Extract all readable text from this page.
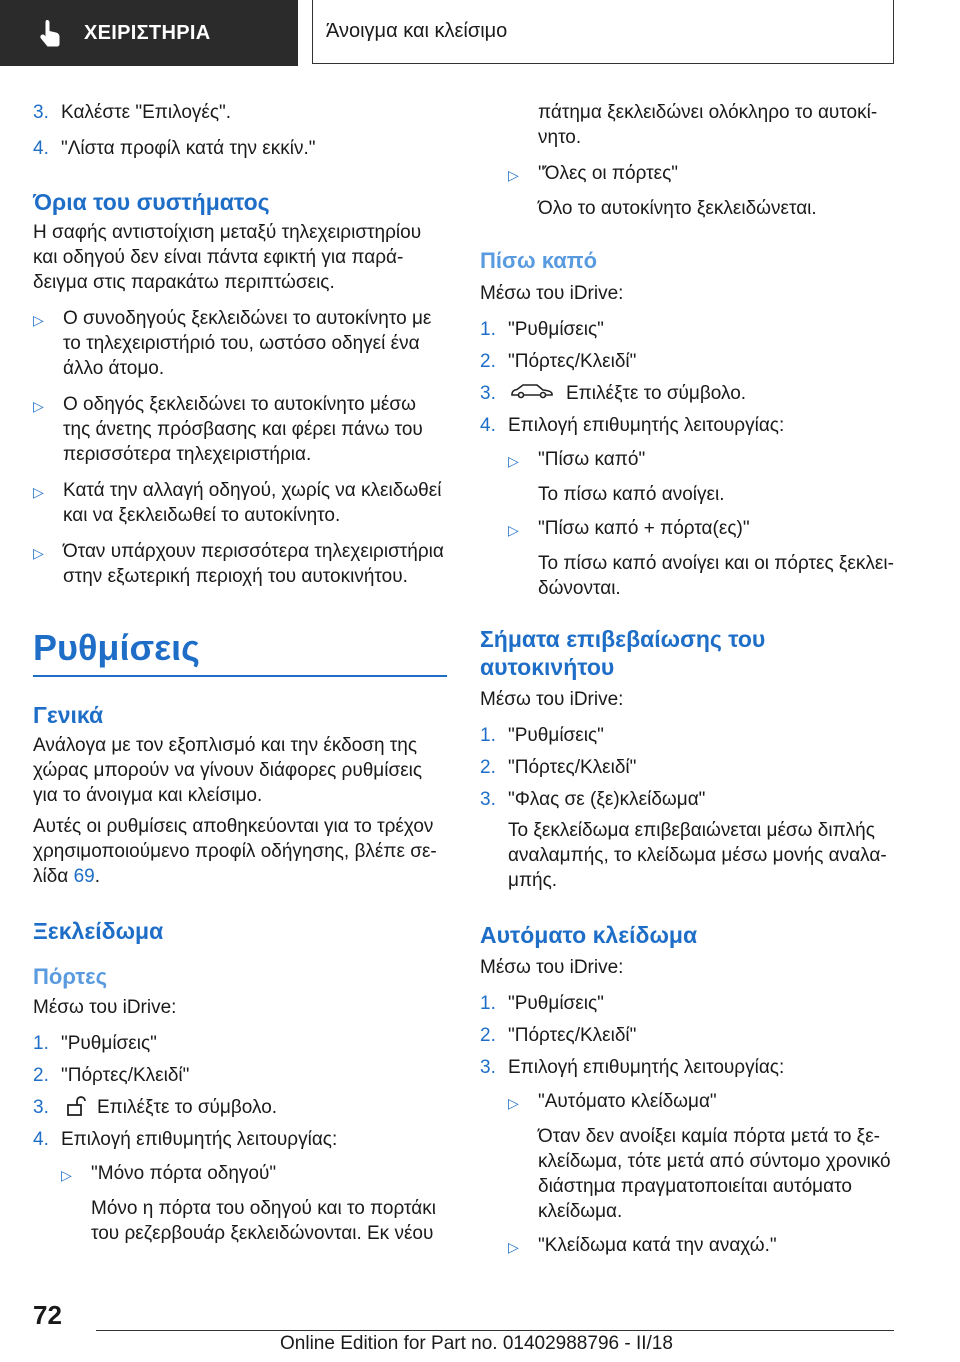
ΧΕΙΡΙΣΤΗΡΙΑ	Άνοιγμα και κλείσιμο
3. Καλέστε "Επιλογές".
4. "Λίστα προφίλ κατά την εκκίν."
Όρια του συστήματος

Η σαφής αντιστοίχιση μεταξύ τηλεχειριστηρίου και οδηγού δεν είναι πάντα εφικτή για παρά-δειγμα στις παρακάτω περιπτώσεις.

▷	Ο συνοδηγούς ξεκλειδώνει το αυτοκίνητο με το τηλεχειριστήριό του, ωστόσο οδηγεί ένα άλλο άτομο.
▷	Ο οδηγός ξεκλειδώνει το αυτοκίνητο μέσω της άνετης πρόσβασης και φέρει πάνω του περισσότερα τηλεχειριστήρια.
▷	Κατά την αλλαγή οδηγού, χωρίς να κλειδωθεί και να ξεκλειδωθεί το αυτοκίνητο.
▷	Όταν υπάρχουν περισσότερα τηλεχειριστήρια στην εξωτερική περιοχή του αυτοκινήτου.
Ρυθμίσεις
Γενικά

Ανάλογα με τον εξοπλισμό και την έκδοση της χώρας μπορούν να γίνουν διάφορες ρυθμίσεις για το άνοιγμα και κλείσιμο.

Αυτές οι ρυθμίσεις αποθηκεύονται για το τρέχον χρησιμοποιούμενο προφίλ οδήγησης, βλέπε σε-λίδα 69.

Ξεκλείδωμα
Πόρτες

Μέσω του iDrive:

1. "Ρυθμίσεις"
2. "Πόρτες/Κλειδί"
3.	Επιλέξτε το σύμβολο.
4. Επιλογή επιθυμητής λειτουργίας:
▷	"Μόνο πόρτα οδηγού"

Μόνο η πόρτα του οδηγού και το πορτάκι του ρεζερβουάρ ξεκλειδώνονται. Εκ νέου

πάτημα ξεκλειδώνει ολόκληρο το αυτοκί-νητο.

▷	"Όλες οι πόρτες"

Όλο το αυτοκίνητο ξεκλειδώνεται.

Πίσω καπό

Μέσω του iDrive:

1. "Ρυθμίσεις"
2. "Πόρτες/Κλειδί"
3.	Επιλέξτε το σύμβολο.
4. Επιλογή επιθυμητής λειτουργίας:
▷	"Πίσω καπό"

Το πίσω καπό ανοίγει.

▷	"Πίσω καπό + πόρτα(ες)"

Το πίσω καπό ανοίγει και οι πόρτες ξεκλει-δώνονται.

Σήματα επιβεβαίωσης του
αυτοκινήτου

Μέσω του iDrive:

1. "Ρυθμίσεις"
2. "Πόρτες/Κλειδί"
3. "Φλας σε (ξε)κλείδωμα"

Το ξεκλείδωμα επιβεβαιώνεται μέσω διπλής αναλαμπής, το κλείδωμα μέσω μονής αναλα-μπής.

Αυτόματο κλείδωμα

Μέσω του iDrive:

1. "Ρυθμίσεις"
2. "Πόρτες/Κλειδί"
3. Επιλογή επιθυμητής λειτουργίας:
▷	"Αυτόματο κλείδωμα"

Όταν δεν ανοίξει καμία πόρτα μετά το ξε-κλείδωμα, τότε μετά από σύντομο χρονικό διάστημα πραγματοποιείται αυτόματο κλείδωμα.

▷	"Κλείδωμα κατά την αναχώ."
72
Online Edition for Part no. 01402988796 - II/18
